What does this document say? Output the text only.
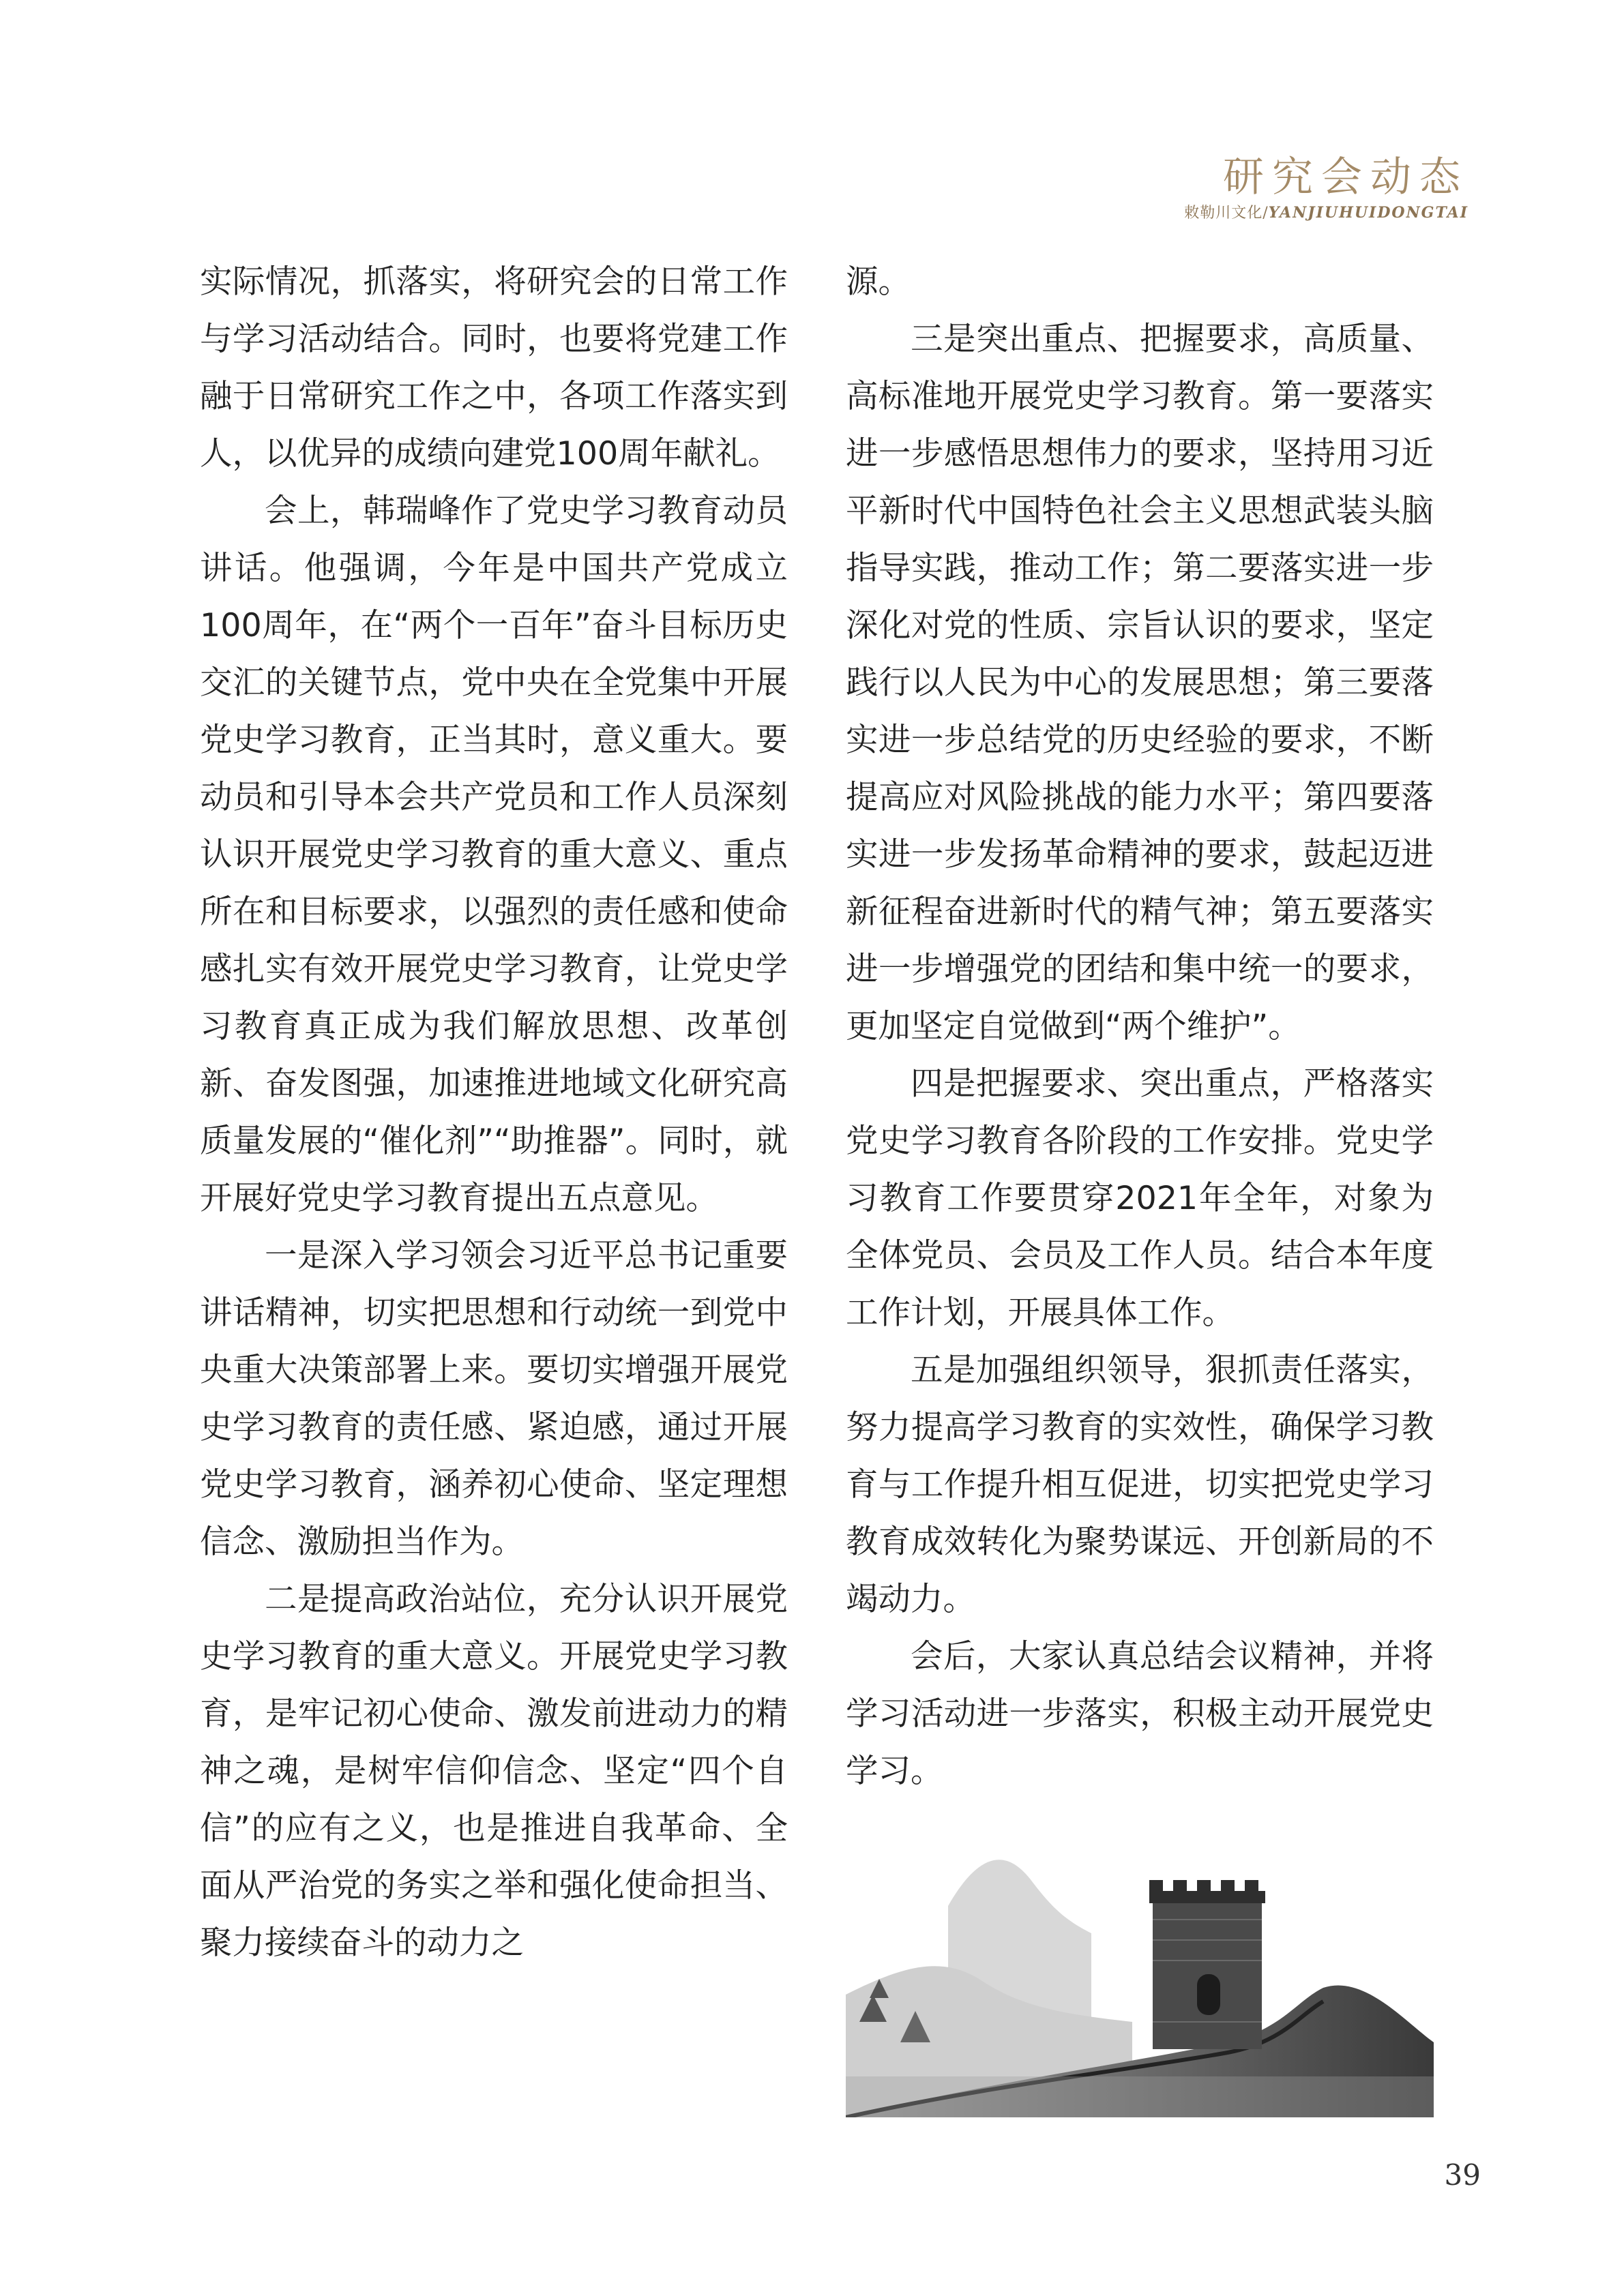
研究会动态
敕勒川文化/YANJIUHUIDONGTAI

实际情况，抓落实，将研究会的日常工作与学习活动结合。同时，也要将党建工作融于日常研究工作之中，各项工作落实到人，以优异的成绩向建党100周年献礼。

会上，韩瑞峰作了党史学习教育动员讲话。他强调，今年是中国共产党成立100周年，在“两个一百年”奋斗目标历史交汇的关键节点，党中央在全党集中开展党史学习教育，正当其时，意义重大。要动员和引导本会共产党员和工作人员深刻认识开展党史学习教育的重大意义、重点所在和目标要求，以强烈的责任感和使命感扎实有效开展党史学习教育，让党史学习教育真正成为我们解放思想、改革创新、奋发图强，加速推进地域文化研究高质量发展的“催化剂”“助推器”。同时，就开展好党史学习教育提出五点意见。

一是深入学习领会习近平总书记重要讲话精神，切实把思想和行动统一到党中央重大决策部署上来。要切实增强开展党史学习教育的责任感、紧迫感，通过开展党史学习教育，涵养初心使命、坚定理想信念、激励担当作为。

二是提高政治站位，充分认识开展党史学习教育的重大意义。开展党史学习教育，是牢记初心使命、激发前进动力的精神之魂，是树牢信仰信念、坚定“四个自信”的应有之义，也是推进自我革命、全面从严治党的务实之举和强化使命担当、聚力接续奋斗的动力之

源。

三是突出重点、把握要求，高质量、高标准地开展党史学习教育。第一要落实进一步感悟思想伟力的要求，坚持用习近平新时代中国特色社会主义思想武装头脑指导实践，推动工作；第二要落实进一步深化对党的性质、宗旨认识的要求，坚定践行以人民为中心的发展思想；第三要落实进一步总结党的历史经验的要求，不断提高应对风险挑战的能力水平；第四要落实进一步发扬革命精神的要求，鼓起迈进新征程奋进新时代的精气神；第五要落实进一步增强党的团结和集中统一的要求，更加坚定自觉做到“两个维护”。

四是把握要求、突出重点，严格落实党史学习教育各阶段的工作安排。党史学习教育工作要贯穿2021年全年，对象为全体党员、会员及工作人员。结合本年度工作计划，开展具体工作。

五是加强组织领导，狠抓责任落实，努力提高学习教育的实效性，确保学习教育与工作提升相互促进，切实把党史学习教育成效转化为聚势谋远、开创新局的不竭动力。

会后，大家认真总结会议精神，并将学习活动进一步落实，积极主动开展党史学习。

39
